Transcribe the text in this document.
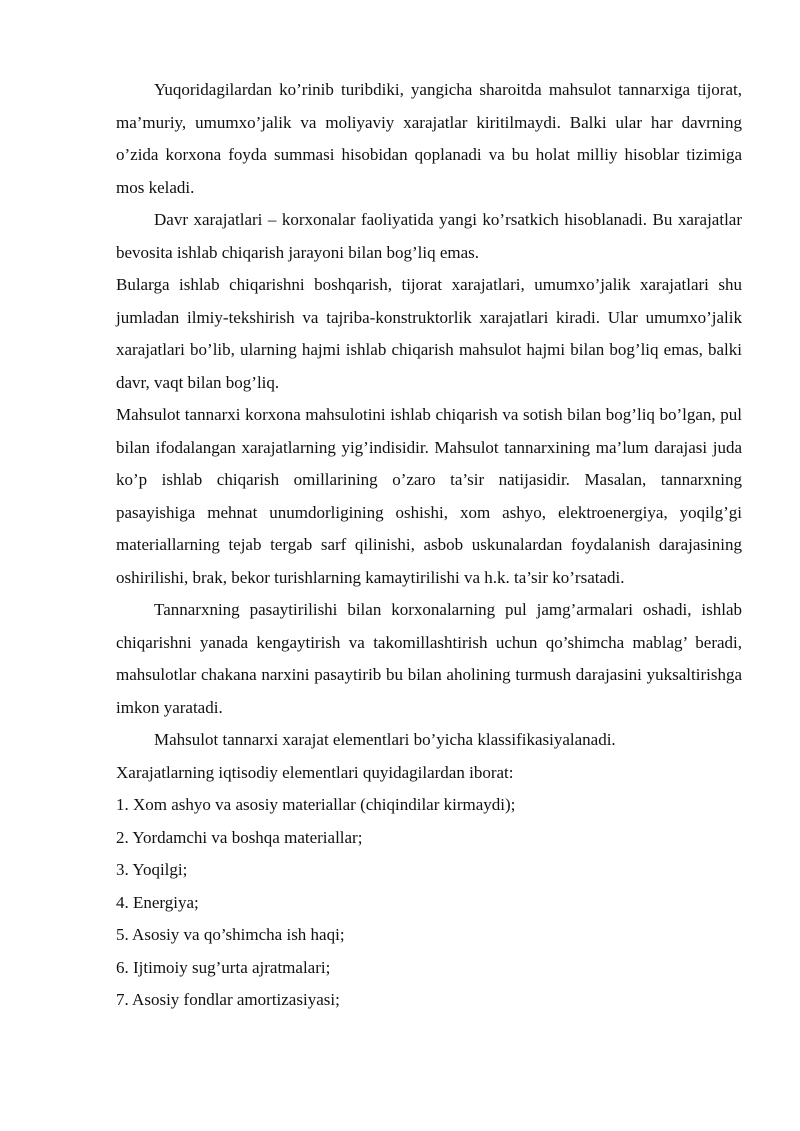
Yuqoridagilardan ko’rinib turibdiki, yangicha sharoitda mahsulot tannarxiga tijorat, ma’muriy, umumxo’jalik va moliyaviy xarajatlar kiritilmaydi. Balki ular har davrning o’zida korxona foyda summasi hisobidan qoplanadi va bu holat milliy hisoblar tizimiga mos keladi.

Davr xarajatlari – korxonalar faoliyatida yangi ko’rsatkich hisoblanadi. Bu xarajatlar bevosita ishlab chiqarish jarayoni bilan bog’liq emas.

Bularga ishlab chiqarishni boshqarish, tijorat xarajatlari, umumxo’jalik xarajatlari shu jumladan ilmiy-tekshirish va tajriba-konstruktorlik xarajatlari kiradi. Ular umumxo’jalik xarajatlari bo’lib, ularning hajmi ishlab chiqarish mahsulot hajmi bilan bog’liq emas, balki davr, vaqt bilan bog’liq.

Mahsulot tannarxi korxona mahsulotini ishlab chiqarish va sotish bilan bog’liq bo’lgan, pul bilan ifodalangan xarajatlarning yig’indisidir. Mahsulot tannarxining ma’lum darajasi juda ko’p ishlab chiqarish omillarining o’zaro ta’sir natijasidir. Masalan, tannarxning pasayishiga mehnat unumdorligining oshishi, xom ashyo, elektroenergiya, yoqilg’gi materiallarning tejab tergab sarf qilinishi, asbob uskunalardan foydalanish darajasining oshirilishi, brak, bekor turishlarning kamaytirilishi va h.k. ta’sir ko’rsatadi.

Tannarxning pasaytirilishi bilan korxonalarning pul jamg’armalari oshadi, ishlab chiqarishni yanada kengaytirish va takomillashtirish uchun qo’shimcha mablag’ beradi, mahsulotlar chakana narxini pasaytirib bu bilan aholining turmush darajasini yuksaltirishga imkon yaratadi.

Mahsulot tannarxi xarajat elementlari bo’yicha klassifikasiyalanadi.

Xarajatlarning iqtisodiy elementlari quyidagilardan iborat:

1. Xom ashyo va asosiy materiallar (chiqindilar kirmaydi);

2. Yordamchi va boshqa materiallar;

3. Yoqilgi;

4. Energiya;

5. Asosiy va qo’shimcha ish haqi;

6. Ijtimoiy sug’urta ajratmalari;

7. Asosiy fondlar amortizasiyasi;
